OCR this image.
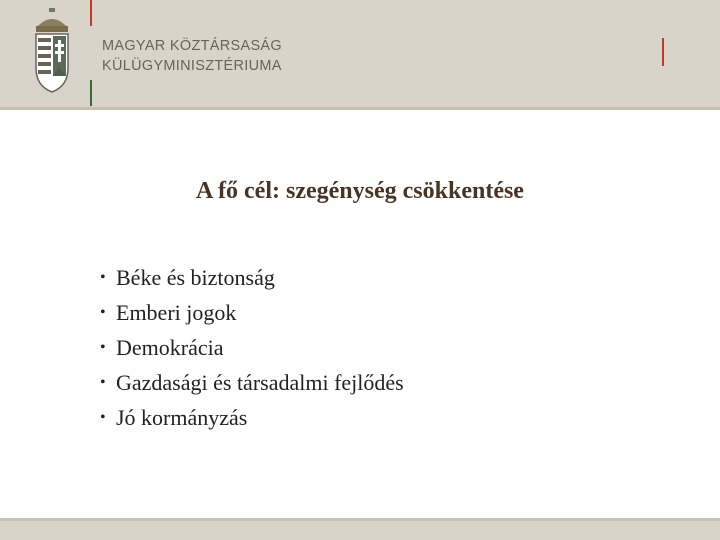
MAGYAR KÖZTÁRSASÁG
KÜLÜGYMINISZTÉRIUMA
A fő cél: szegénység csökkentése
• Béke és biztonság
• Emberi jogok
• Demokrácia
• Gazdasági és társadalmi fejlődés
• Jó kormányzás
